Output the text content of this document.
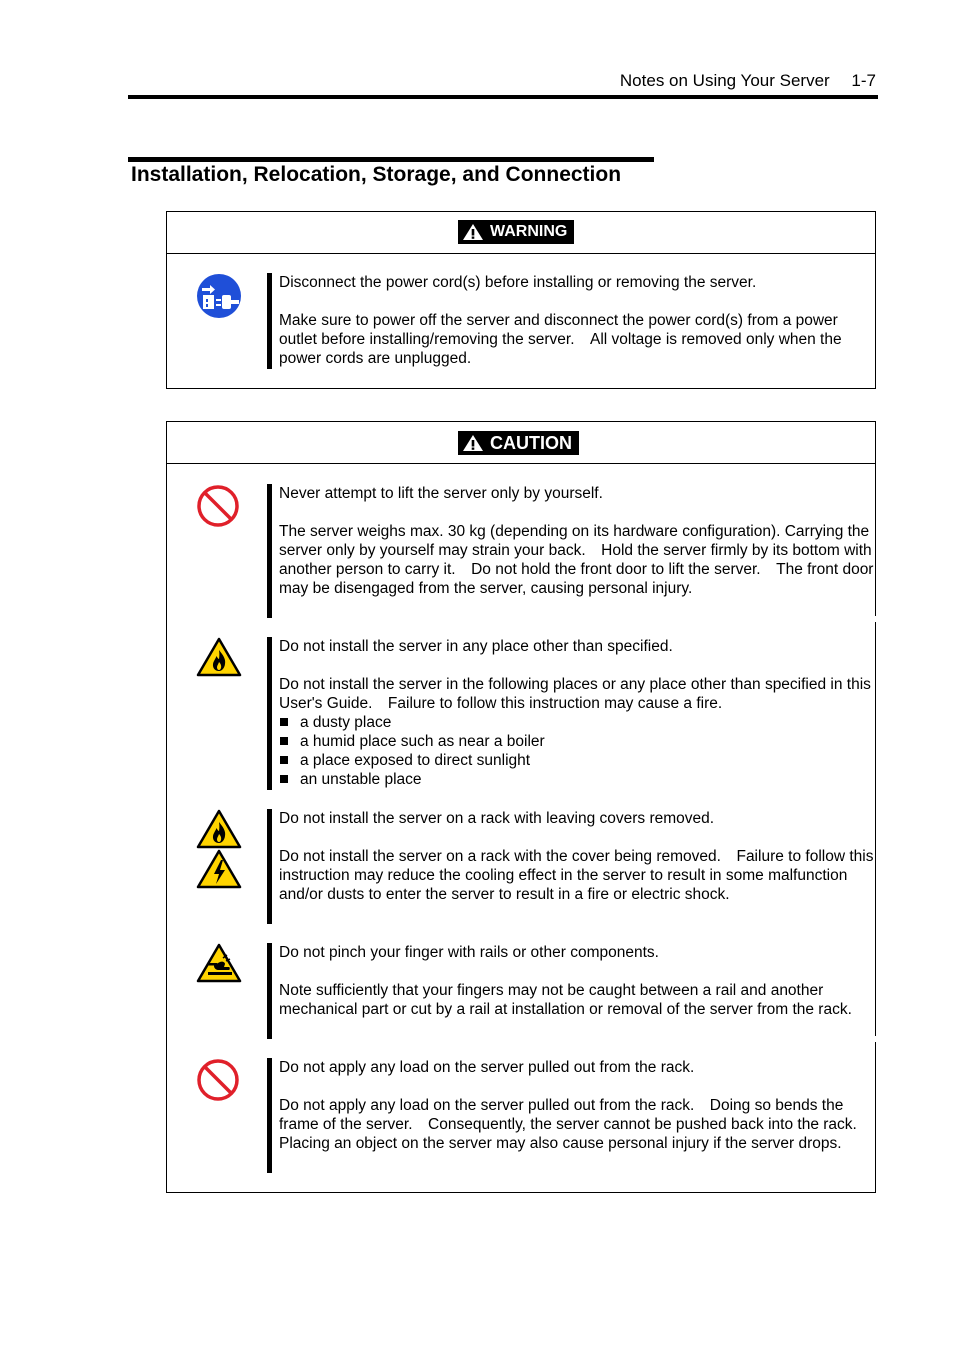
Notes on Using Your Server　 1-7
Installation, Relocation, Storage, and Connection
WARNING

Disconnect the power cord(s) before installing or removing the server.

Make sure to power off the server and disconnect the power cord(s) from a power outlet before installing/removing the server.　All voltage is removed only when the power cords are unplugged.

CAUTION

Never attempt to lift the server only by yourself.

The server weighs max. 30 kg (depending on its hardware configuration). Carrying the server only by yourself may strain your back.　Hold the server firmly by its bottom with another person to carry it.　Do not hold the front door to lift the server.　The front door may be disengaged from the server, causing personal injury.

Do not install the server in any place other than specified.

Do not install the server in the following places or any place other than specified in this User's Guide.　Failure to follow this instruction may cause a fire.

a dusty place
a humid place such as near a boiler
a place exposed to direct sunlight
an unstable place

Do not install the server on a rack with leaving covers removed.

Do not install the server on a rack with the cover being removed.　Failure to follow this instruction may reduce the cooling effect in the server to result in some malfunction and/or dusts to enter the server to result in a fire or electric shock.

Do not pinch your finger with rails or other components.

Note sufficiently that your fingers may not be caught between a rail and another mechanical part or cut by a rail at installation or removal of the server from the rack.

Do not apply any load on the server pulled out from the rack.

Do not apply any load on the server pulled out from the rack.　Doing so bends the frame of the server.　Consequently, the server cannot be pushed back into the rack.　Placing an object on the server may also cause personal injury if the server drops.
